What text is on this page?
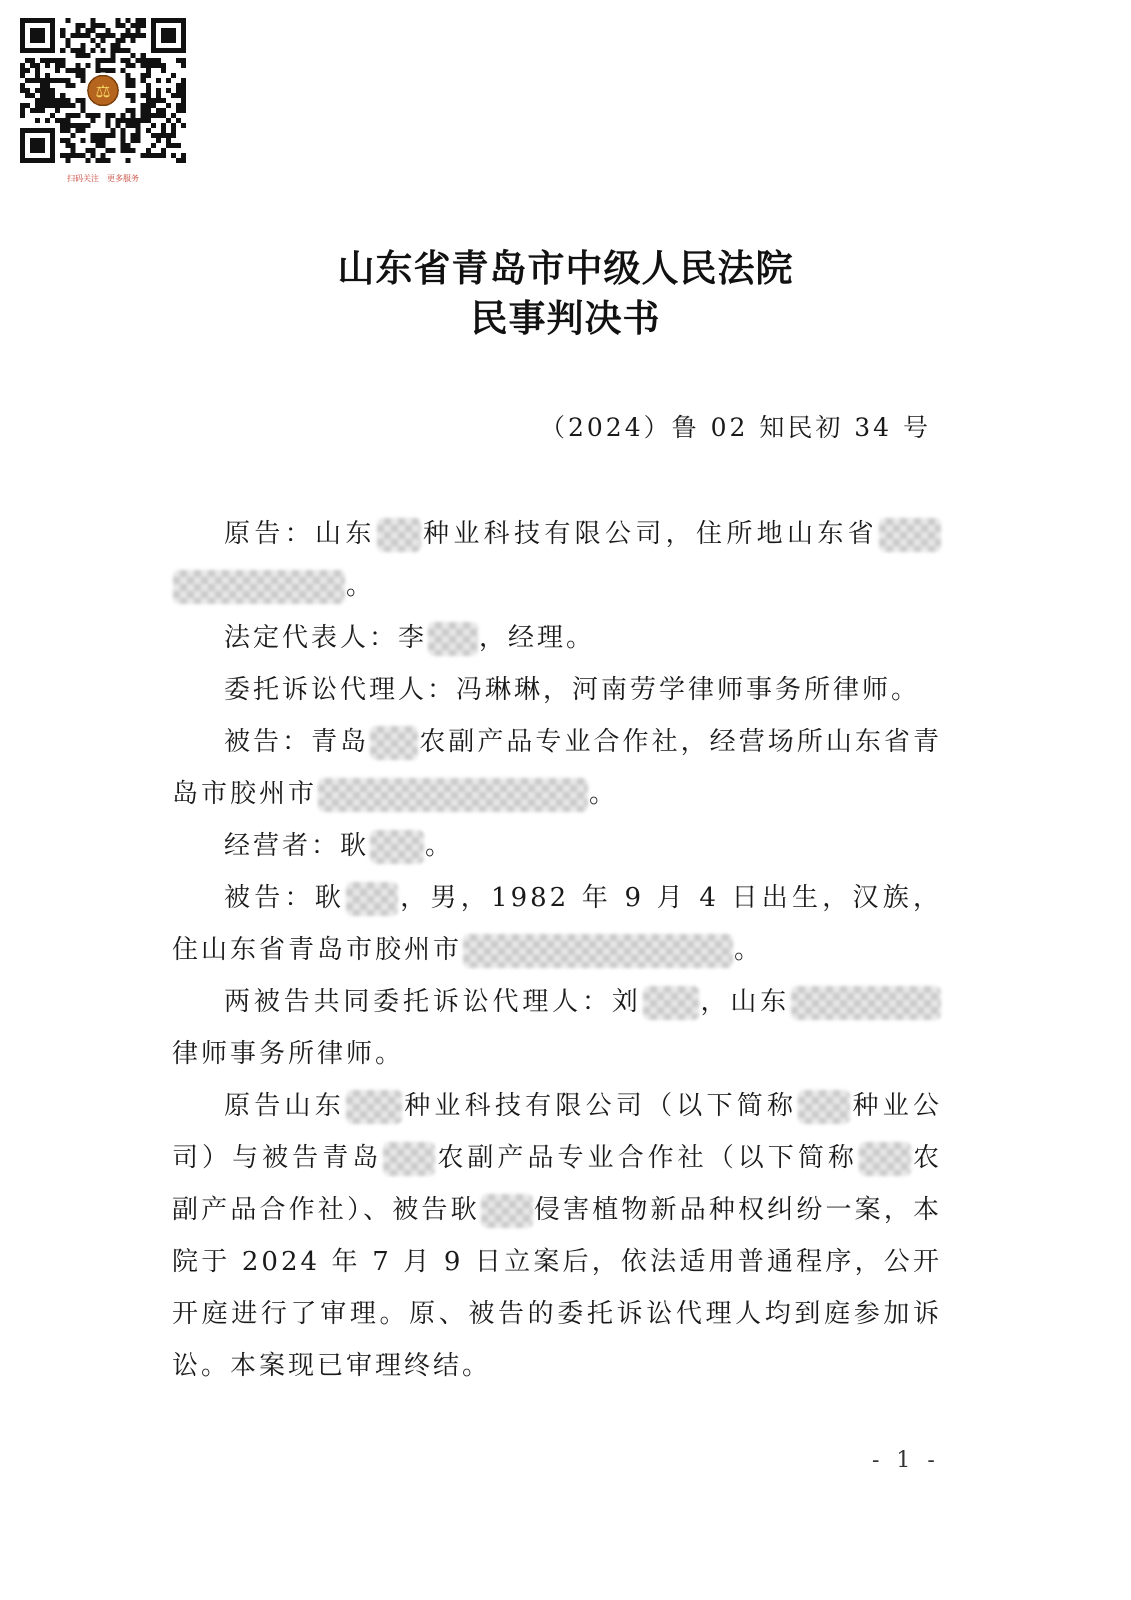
⚖
扫码关注 更多服务
山东省青岛市中级人民法院
民事判决书
（2024）鲁 02 知民初 34 号

原告：山东 种业科技有限公司，住所地山东省。

法定代表人：李 ，经理。

委托诉讼代理人：冯琳琳，河南劳学律师事务所律师。

被告：青岛 农副产品专业合作社，经营场所山东省青岛市胶州市	。

经营者：耿 。

被告：耿 ，男，1982 年 9 月 4 日出生，汉族，住山东省青岛市胶州市	。

两被告共同委托诉讼代理人：刘 ，山东律师事务所律师。

原告山东 种业科技有限公司（以下简称 种业公司）与被告青岛 农副产品专业合作社（以下简称 农副产品合作社）、被告耿 侵害植物新品种权纠纷一案，本院于 2024 年 7 月 9 日立案后，依法适用普通程序，公开开庭进行了审理。原、被告的委托诉讼代理人均到庭参加诉讼。本案现已审理终结。

- 1 -
